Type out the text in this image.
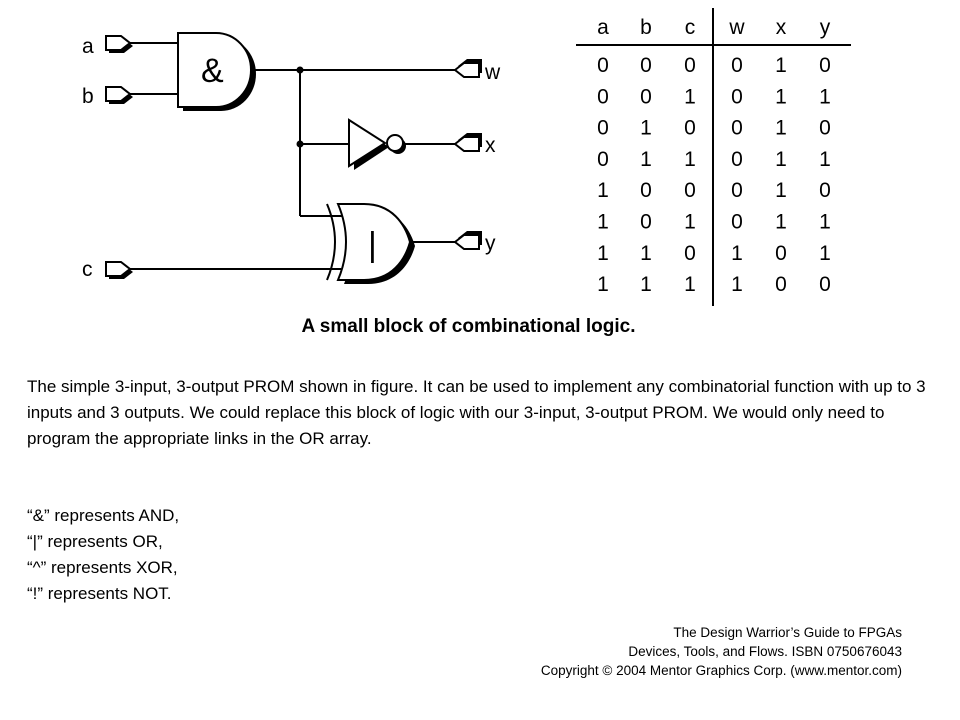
a
b
c
&
|
w
x
y
a b c w x y
0 0 0 0 1 0
0 0 1 0 1 1
0 1 0 0 1 0
0 1 1 0 1 1
1 0 0 0 1 0
1 0 1 0 1 1
1 1 0 1 0 1
1 1 1 1 0 0
A small block of combinational logic.

The simple 3-input, 3-output PROM shown in figure. It can be used to implement any combinatorial function with up to 3 inputs and 3 outputs. We could replace this block of logic with our 3-input, 3-output PROM. We would only need to program the appropriate links in the OR array.

“&” represents AND,
“|” represents OR,
“^” represents XOR,
“!” represents NOT.
The Design Warrior’s Guide to FPGAs
Devices, Tools, and Flows. ISBN 0750676043
Copyright © 2004 Mentor Graphics Corp. (www.mentor.com)
